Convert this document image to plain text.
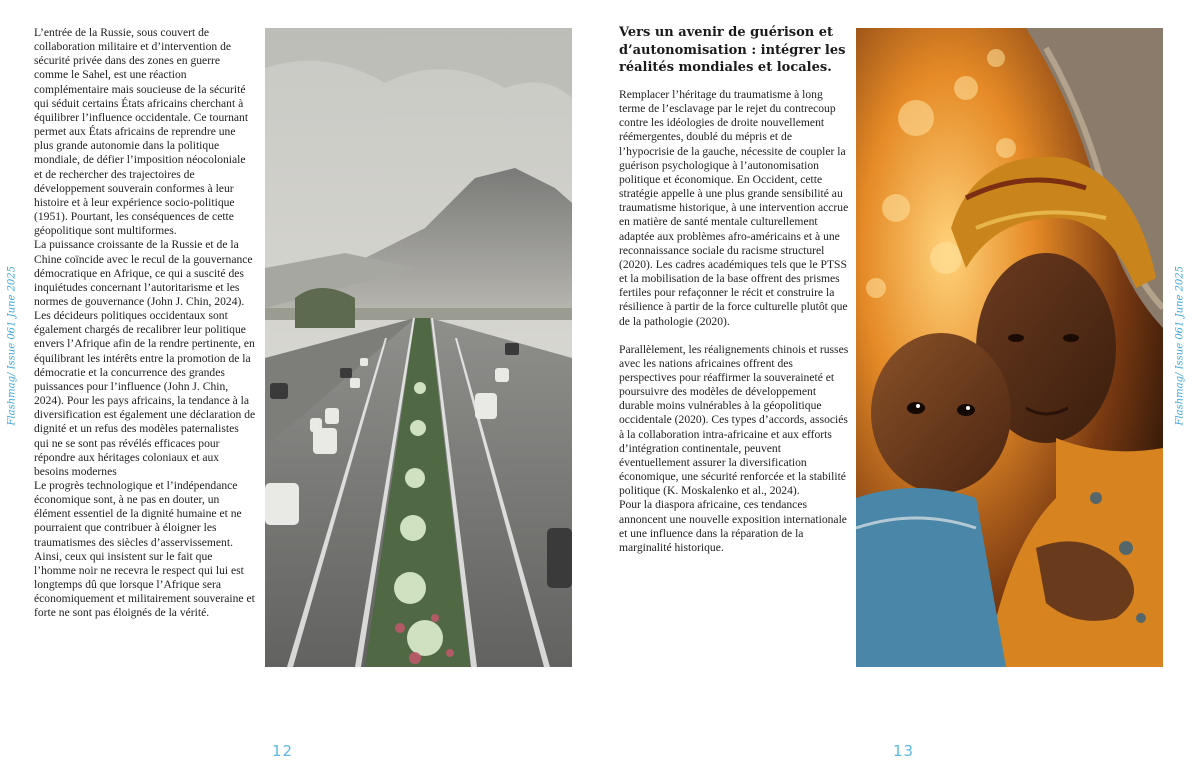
Flashmag/ Issue 061 June 2025

L’entrée de la Russie, sous couvert de collaboration militaire et d’intervention de sécurité privée dans des zones en guerre comme le Sahel, est une réaction complémentaire mais soucieuse de la sécurité qui séduit certains États africains cherchant à équilibrer l’influence occidentale. Ce tournant permet aux États africains de reprendre une plus grande autonomie dans la politique mondiale, de défier l’imposition néocoloniale et de rechercher des trajectoires de développement souverain conformes à leur histoire et à leur expérience socio-politique (1951). Pourtant, les conséquences de cette géopolitique sont multiformes.

La puissance croissante de la Russie et de la Chine coïncide avec le recul de la gouvernance démocratique en Afrique, ce qui a suscité des inquiétudes concernant l’autoritarisme et les normes de gouvernance (John J. Chin, 2024). Les décideurs politiques occidentaux sont également chargés de recalibrer leur politique envers l’Afrique afin de la rendre pertinente, en équilibrant les intérêts entre la promotion de la démocratie et la concurrence des grandes puissances pour l’influence (John J. Chin, 2024). Pour les pays africains, la tendance à la diversification est également une déclaration de dignité et un refus des modèles paternalistes qui ne se sont pas révélés efficaces pour répondre aux héritages coloniaux et aux besoins modernes

Le progrès technologique et l’indépendance économique sont, à ne pas en douter, un élément essentiel de la dignité humaine et ne pourraient que contribuer à éloigner les traumatismes des siècles d’asservissement. Ainsi, ceux qui insistent sur le fait que l’homme noir ne recevra le respect qui lui est longtemps dû que lorsque l’Afrique sera économiquement et militairement souveraine et forte ne sont pas éloignés de la vérité.

12
Vers un avenir de guérison et d’autonomisation : intégrer les réalités mondiales et locales.

Remplacer l’héritage du traumatisme à long terme de l’esclavage par le rejet du contrecoup contre les idéologies de droite nouvellement réémergentes, doublé du mépris et de l’hypocrisie de la gauche, nécessite de coupler la guérison psychologique à l’autonomisation politique et économique. En Occident, cette stratégie appelle à une plus grande sensibilité au traumatisme historique, à une intervention accrue en matière de santé mentale culturellement adaptée aux problèmes afro-américains et à une reconnaissance sociale du racisme structurel (2020). Les cadres académiques tels que le PTSS et la mobilisation de la base offrent des prismes fertiles pour refaçonner le récit et construire la résilience à partir de la force culturelle plutôt que de la pathologie (2020).

Parallèlement, les réalignements chinois et russes avec les nations africaines offrent des perspectives pour réaffirmer la souveraineté et poursuivre des modèles de développement durable moins vulnérables à la géopolitique occidentale (2020). Ces types d’accords, associés à la collaboration intra-africaine et aux efforts d’intégration continentale, peuvent éventuellement assurer la diversification économique, une sécurité renforcée et la stabilité politique (K. Moskalenko et al., 2024).

Pour la diaspora africaine, ces tendances annoncent une nouvelle exposition internationale et une influence dans la réparation de la marginalité historique.

Flashmag/ Issue 061 June 2025
13
